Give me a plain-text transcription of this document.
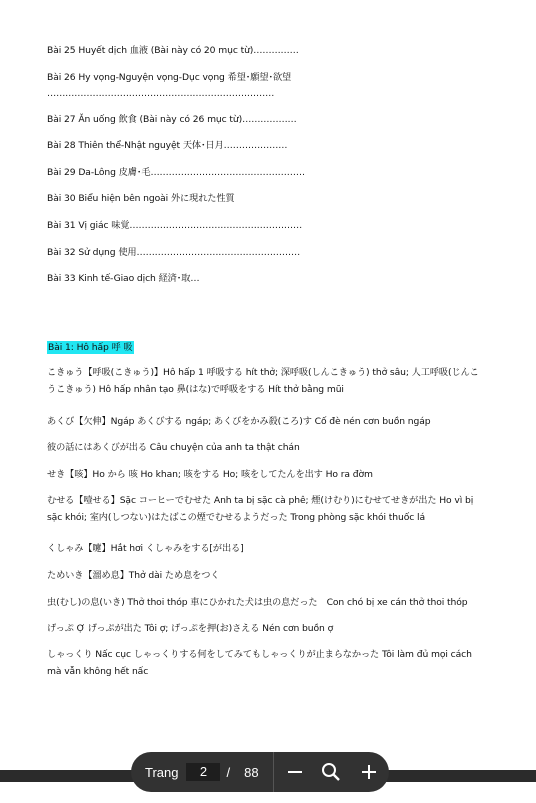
Bài 25 Huyết dịch 血液 (Bài này có 20 mục từ)……………
Bài 26 Hy vọng-Nguyện vọng-Dục vọng 希望･願望･欲望
…………………………………………………………………
Bài 27 Ăn uống 飲食 (Bài này có 26 mục từ)………………
Bài 28 Thiên thể-Nhật nguyệt 天体･日月…………………
Bài 29 Da-Lông 皮膚･毛……………………………………………
Bài 30 Biểu hiện bên ngoài 外に現れた性質
Bài 31 Vị giác 味覚…………………………………………………
Bài 32 Sử dụng 使用………………………………………………
Bài 33 Kinh tế-Giao dịch 経済･取…
Bài 1: Hô hấp 呼 吸
こきゅう【呼吸(こきゅう)】Hô hấp 1 呼吸する hít thở; 深呼吸(しんこきゅう) thở sâu; 人工呼吸(じんこうこきゅう) Hô hấp nhân tạo 鼻(はな)で呼吸をする Hít thở bằng mũi
あくび【欠伸】Ngáp あくびする ngáp; あくびをかみ殺(ころ)す Cố đè nén cơn buồn ngáp
彼の話にはあくびが出る Câu chuyện của anh ta thật chán
せき【咳】Ho から 咳 Ho khan; 咳をする Ho; 咳をしてたんを出す Ho ra đờm
むせる【噎せる】Sặc コーヒーでむせた Anh ta bị sặc cà phê; 煙(けむり)にむせてせきが出た Ho vì bị sặc khói; 室内(しつない)はたばこの煙でむせるようだった Trong phòng sặc khói thuốc lá
くしゃみ【嚔】Hắt hơi くしゃみをする[が出る]
ためいき【溜め息】Thở dài ため息をつく
虫(むし)の息(いき) Thở thoi thóp 車にひかれた犬は虫の息だった　Con chó bị xe cán thở thoi thóp
げっぷ Ợ げっぷが出た Tôi ợ; げっぷを押(お)さえる Nén cơn buồn ợ
しゃっくり Nấc cục しゃっくりする何をしてみてもしゃっくりが止まらなかった Tôi làm đủ mọi cách mà vẫn không hết nấc
Trang	2	/ 88
